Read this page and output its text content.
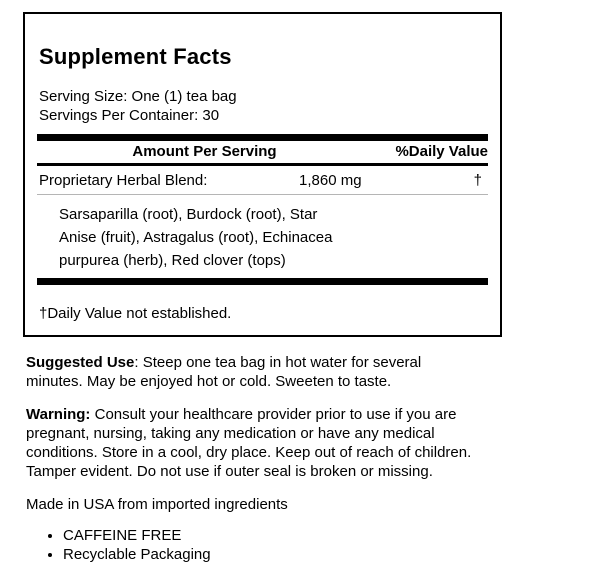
Supplement Facts
Serving Size: One (1) tea bag
Servings Per Container: 30
Amount Per Serving	%Daily Value
Proprietary Herbal Blend:	1,860 mg	†
Sarsaparilla (root), Burdock (root), Star
Anise (fruit), Astragalus (root), Echinacea
purpurea (herb), Red clover (tops)
†Daily Value not established.

Suggested Use: Steep one tea bag in hot water for several
minutes. May be enjoyed hot or cold. Sweeten to taste.

Warning: Consult your healthcare provider prior to use if you are
pregnant, nursing, taking any medication or have any medical
conditions. Store in a cool, dry place. Keep out of reach of children.
Tamper evident. Do not use if outer seal is broken or missing.

Made in USA from imported ingredients

• CAFFEINE FREE
• Recyclable Packaging
